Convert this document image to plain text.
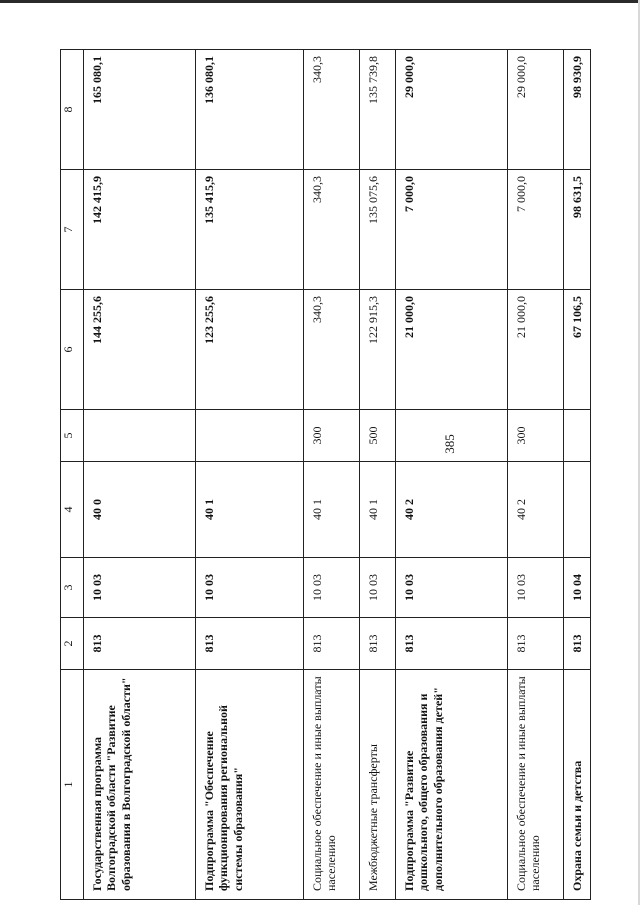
385
1	2	3	4	5	6	7	8
Государственная программа Волгоградской области "Развитие образования в Волгоградской области"	813	10 03	40 0		144 255,6	142 415,9	165 080,1
Подпрограмма "Обеспечение функционирования региональной системы образования"	813	10 03	40 1		123 255,6	135 415,9	136 080,1
Социальное обеспечение и иные выплаты населению	813	10 03	40 1	300	340,3	340,3	340,3
Межбюджетные трансферты	813	10 03	40 1	500	122 915,3	135 075,6	135 739,8
Подпрограмма "Развитие дошкольного, общего образования и дополнительного образования детей"	813	10 03	40 2		21 000,0	7 000,0	29 000,0
Социальное обеспечение и иные выплаты населению	813	10 03	40 2	300	21 000,0	7 000,0	29 000,0
Охрана семьи и детства	813	10 04			67 106,5	98 631,5	98 930,9
